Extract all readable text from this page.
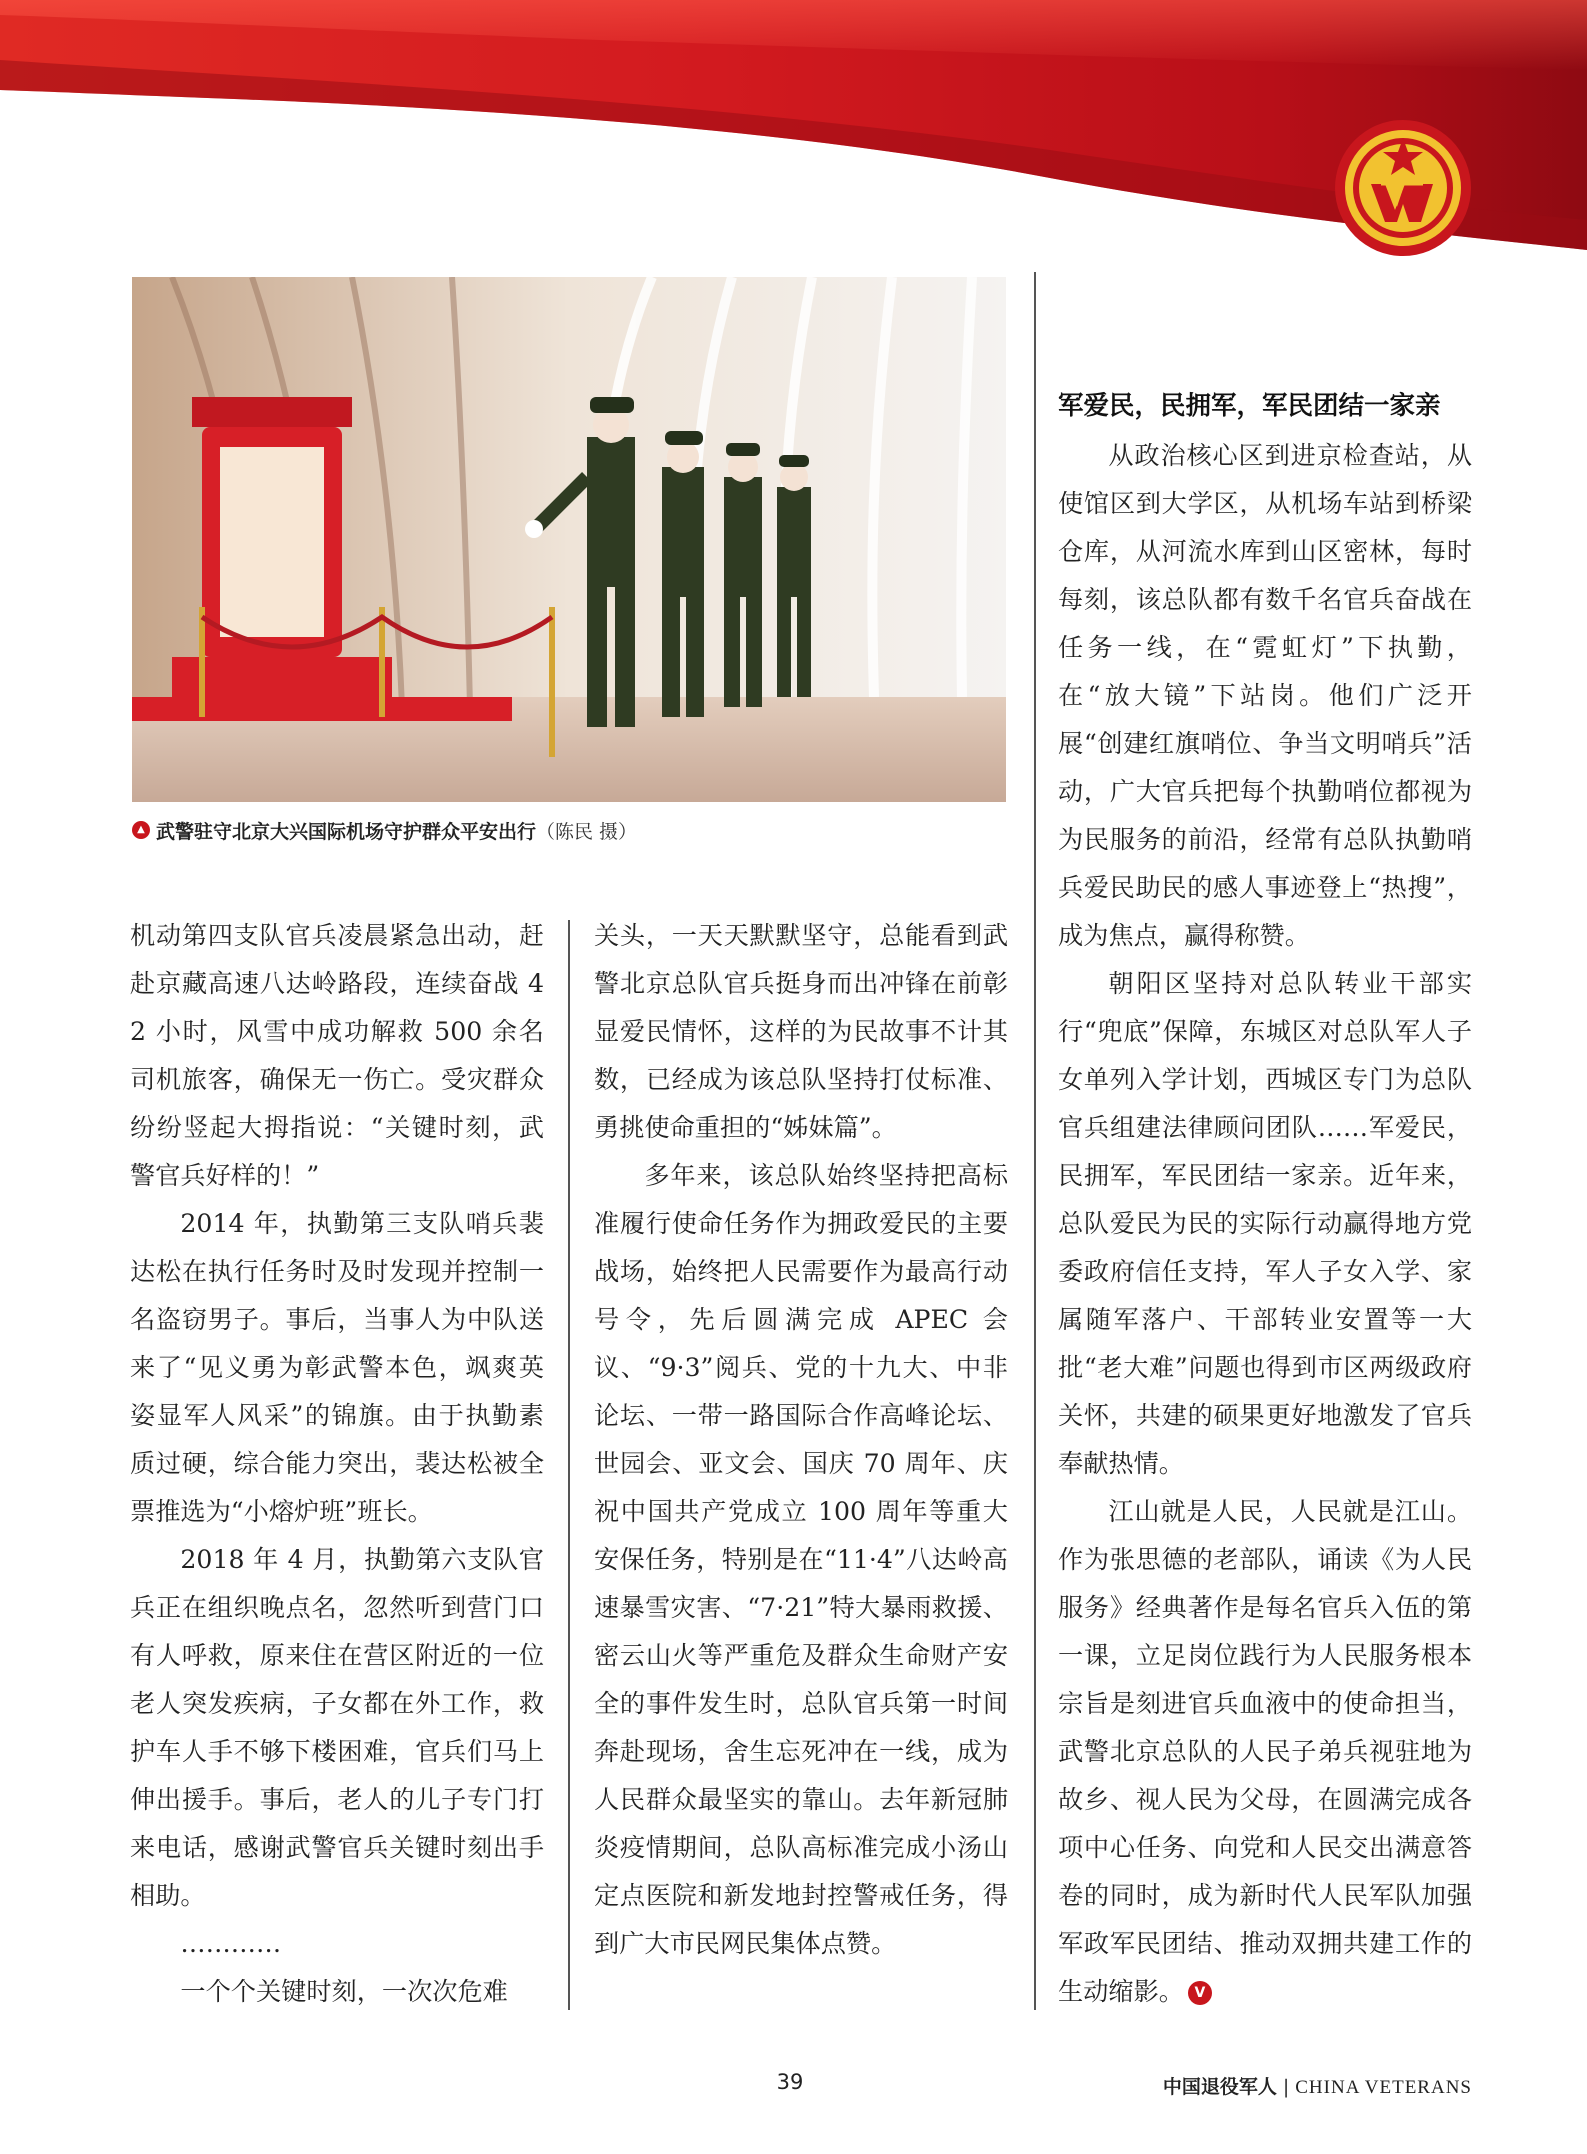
▲ 武警驻守北京大兴国际机场守护群众平安出行 （陈民 摄）

机动第四支队官兵凌晨紧急出动，赶赴京藏高速八达岭路段，连续奋战 42 小时，风雪中成功解救 500 余名司机旅客，确保无一伤亡。受灾群众纷纷竖起大拇指说：“关键时刻，武警官兵好样的！”

2014 年，执勤第三支队哨兵裴达松在执行任务时及时发现并控制一名盗窃男子。事后，当事人为中队送来了“见义勇为彰武警本色，飒爽英姿显军人风采”的锦旗。由于执勤素质过硬，综合能力突出，裴达松被全票推选为“小熔炉班”班长。

2018 年 4 月，执勤第六支队官兵正在组织晚点名，忽然听到营门口有人呼救，原来住在营区附近的一位老人突发疾病，子女都在外工作，救护车人手不够下楼困难，官兵们马上伸出援手。事后，老人的儿子专门打来电话，感谢武警官兵关键时刻出手相助。

…………

一个个关键时刻，一次次危难

关头，一天天默默坚守，总能看到武警北京总队官兵挺身而出冲锋在前彰显爱民情怀，这样的为民故事不计其数，已经成为该总队坚持打仗标准、勇挑使命重担的“姊妹篇”。

多年来，该总队始终坚持把高标准履行使命任务作为拥政爱民的主要战场，始终把人民需要作为最高行动号令，先后圆满完成 APEC 会议、“9·3”阅兵、党的十九大、中非论坛、一带一路国际合作高峰论坛、世园会、亚文会、国庆 70 周年、庆祝中国共产党成立 100 周年等重大安保任务，特别是在“11·4”八达岭高速暴雪灾害、“7·21”特大暴雨救援、密云山火等严重危及群众生命财产安全的事件发生时，总队官兵第一时间奔赴现场，舍生忘死冲在一线，成为人民群众最坚实的靠山。去年新冠肺炎疫情期间，总队高标准完成小汤山定点医院和新发地封控警戒任务，得到广大市民网民集体点赞。

军爱民，民拥军，军民团结一家亲

从政治核心区到进京检查站，从使馆区到大学区，从机场车站到桥梁仓库，从河流水库到山区密林，每时每刻，该总队都有数千名官兵奋战在任务一线，在“霓虹灯”下执勤，在“放大镜”下站岗。他们广泛开展“创建红旗哨位、争当文明哨兵”活动，广大官兵把每个执勤哨位都视为为民服务的前沿，经常有总队执勤哨兵爱民助民的感人事迹登上“热搜”，成为焦点，赢得称赞。

朝阳区坚持对总队转业干部实行“兜底”保障，东城区对总队军人子女单列入学计划，西城区专门为总队官兵组建法律顾问团队……军爱民，民拥军，军民团结一家亲。近年来，总队爱民为民的实际行动赢得地方党委政府信任支持，军人子女入学、家属随军落户、干部转业安置等一大批“老大难”问题也得到市区两级政府关怀，共建的硕果更好地激发了官兵奉献热情。

江山就是人民，人民就是江山。作为张思德的老部队，诵读《为人民服务》经典著作是每名官兵入伍的第一课，立足岗位践行为人民服务根本宗旨是刻进官兵血液中的使命担当，武警北京总队的人民子弟兵视驻地为故乡、视人民为父母，在圆满完成各项中心任务、向党和人民交出满意答卷的同时，成为新时代人民军队加强军政军民团结、推动双拥共建工作的生动缩影。 V

39	中国退役军人 | CHINA VETERANS
